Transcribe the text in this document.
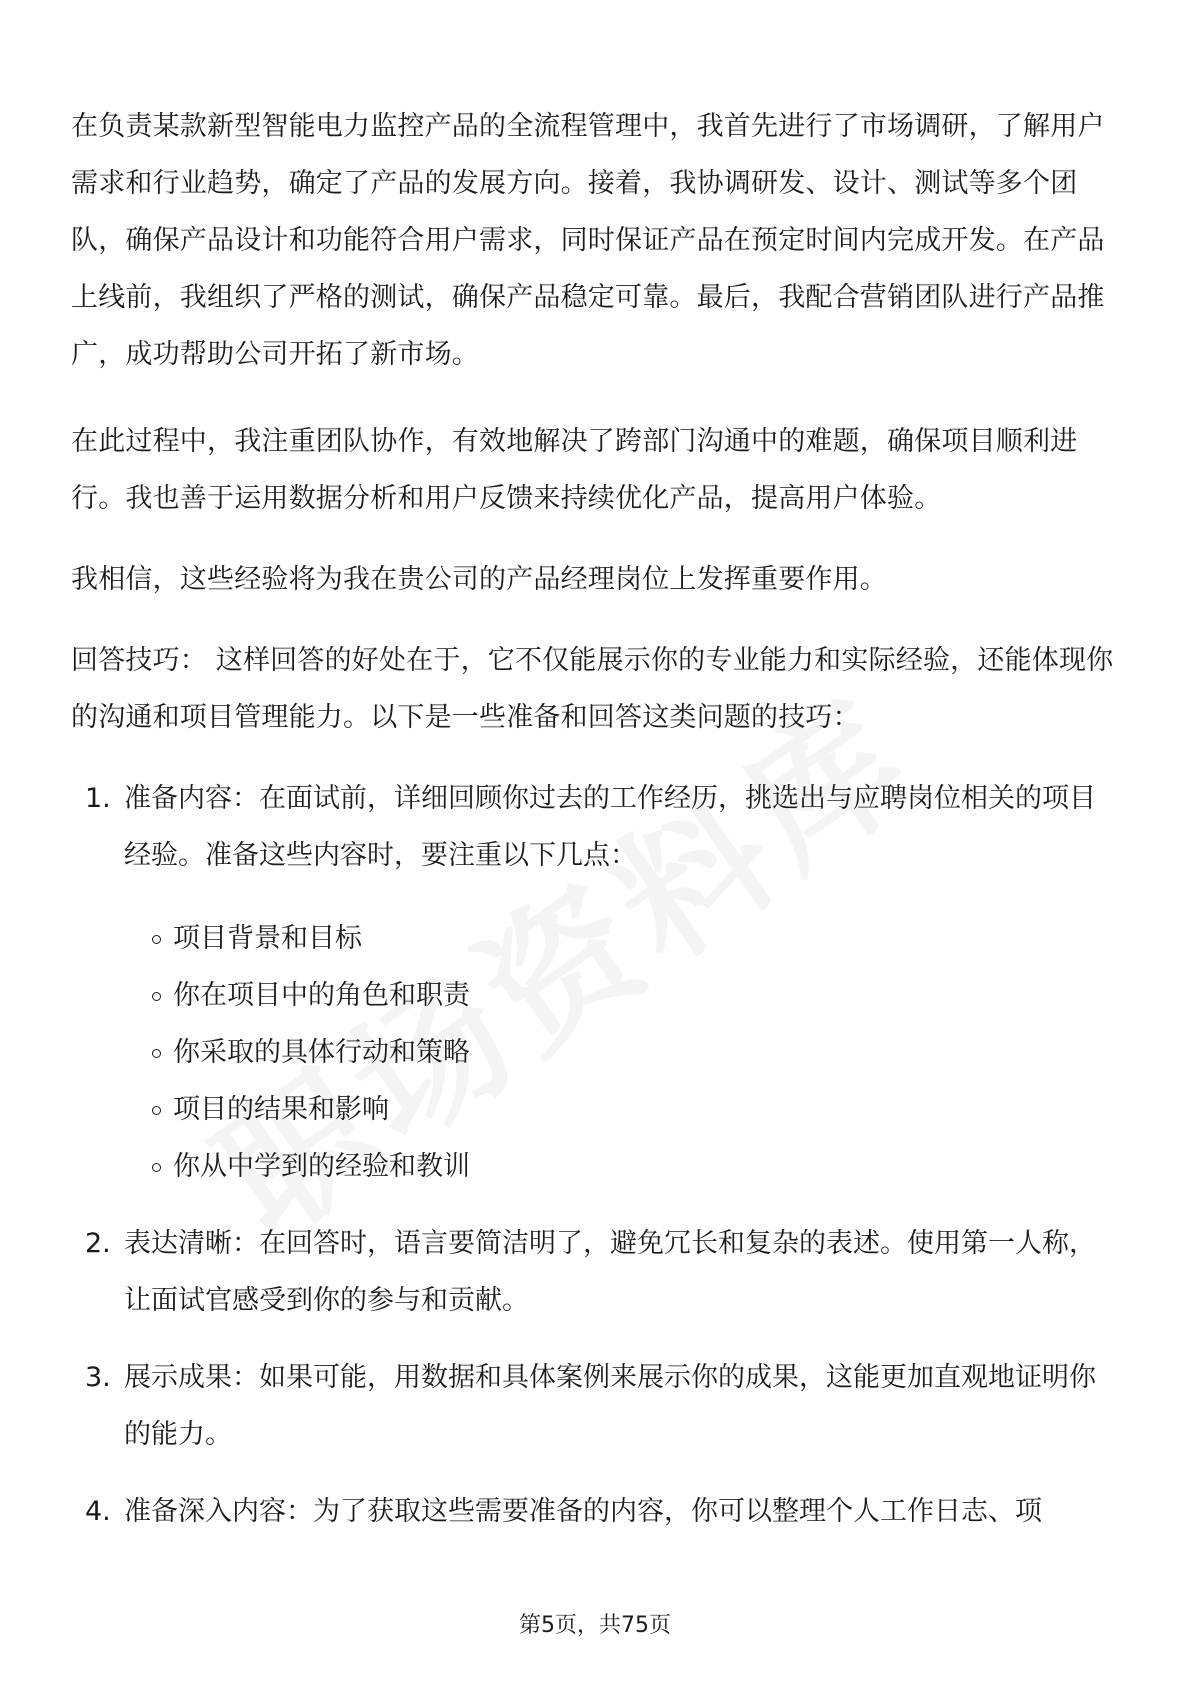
在负责某款新型智能电力监控产品的全流程管理中，我首先进行了市场调研，了解用户需求和行业趋势，确定了产品的发展方向。接着，我协调研发、设计、测试等多个团队，确保产品设计和功能符合用户需求，同时保证产品在预定时间内完成开发。在产品上线前，我组织了严格的测试，确保产品稳定可靠。最后，我配合营销团队进行产品推广，成功帮助公司开拓了新市场。

在此过程中，我注重团队协作，有效地解决了跨部门沟通中的难题，确保项目顺利进行。我也善于运用数据分析和用户反馈来持续优化产品，提高用户体验。

我相信，这些经验将为我在贵公司的产品经理岗位上发挥重要作用。

回答技巧： 这样回答的好处在于，它不仅能展示你的专业能力和实际经验，还能体现你的沟通和项目管理能力。以下是一些准备和回答这类问题的技巧：

1. 准备内容：在面试前，详细回顾你过去的工作经历，挑选出与应聘岗位相关的项目经验。准备这些内容时，要注重以下几点：
项目背景和目标
你在项目中的角色和职责
你采取的具体行动和策略
项目的结果和影响
你从中学到的经验和教训
2. 表达清晰：在回答时，语言要简洁明了，避免冗长和复杂的表述。使用第一人称，让面试官感受到你的参与和贡献。
3. 展示成果：如果可能，用数据和具体案例来展示你的成果，这能更加直观地证明你的能力。
4. 准备深入内容：为了获取这些需要准备的内容，你可以整理个人工作日志、项
第5页，共75页
